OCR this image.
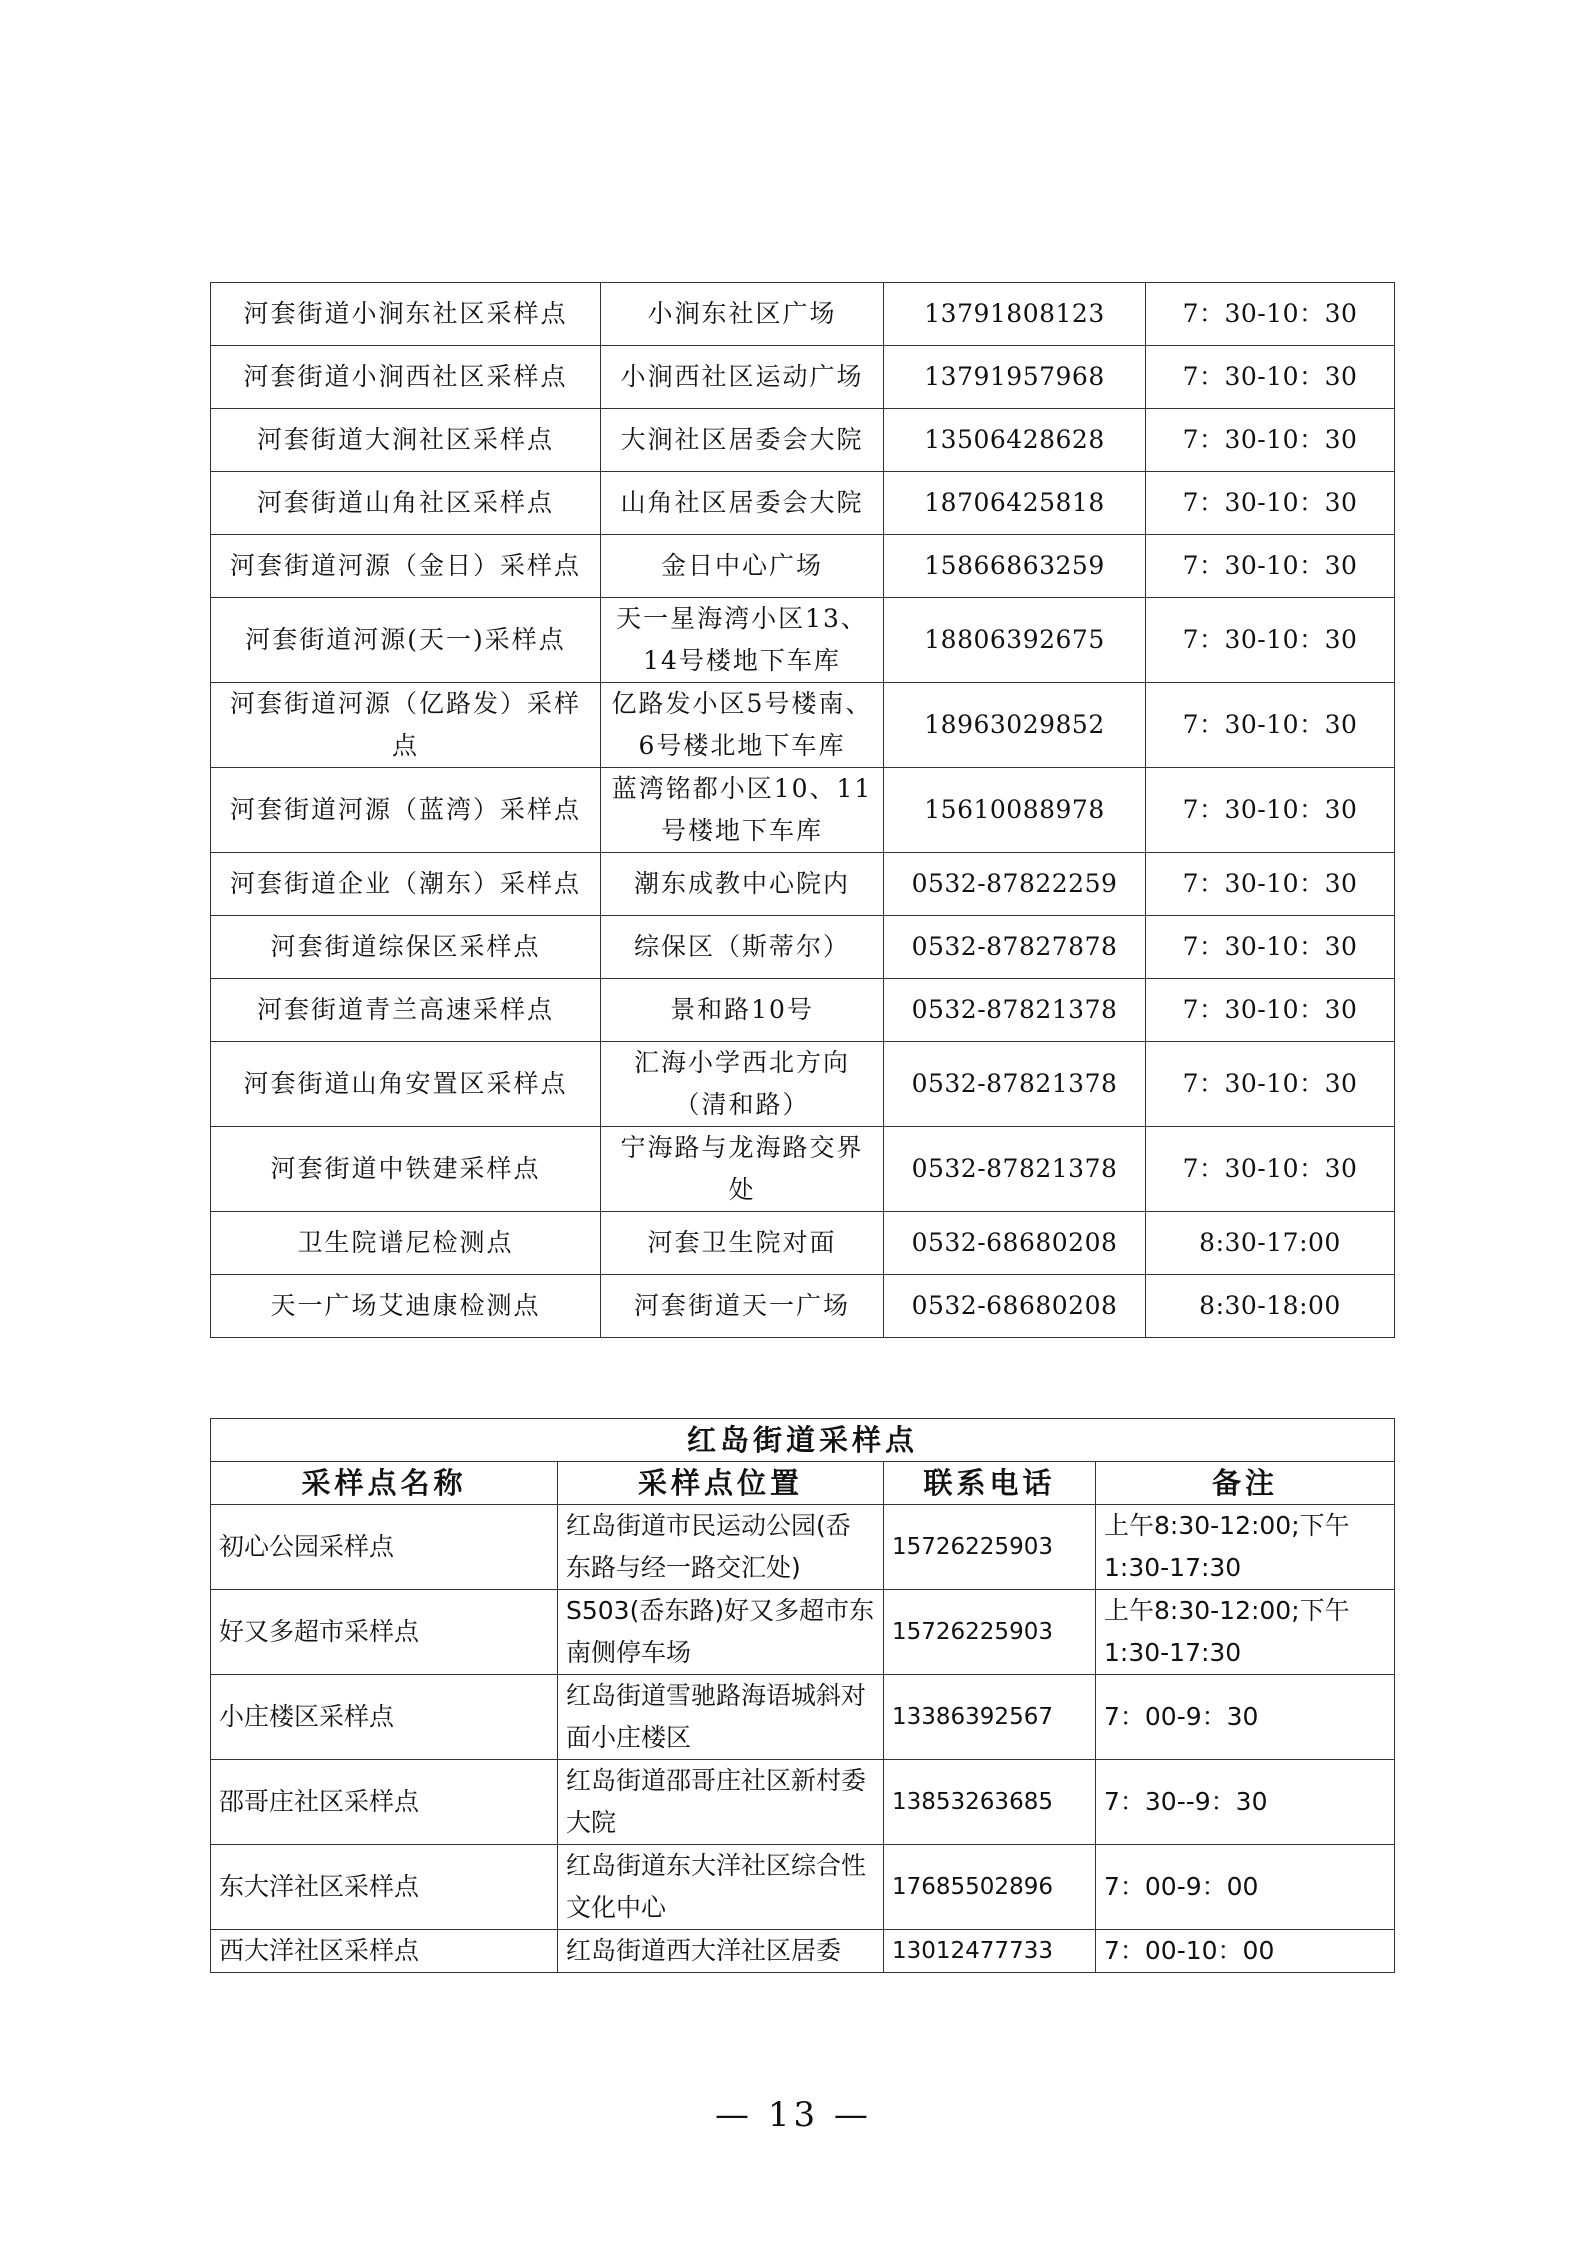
河套街道小涧东社区采样点	小涧东社区广场	13791808123	7：30-10：30
河套街道小涧西社区采样点	小涧西社区运动广场	13791957968	7：30-10：30
河套街道大涧社区采样点	大涧社区居委会大院	13506428628	7：30-10：30
河套街道山角社区采样点	山角社区居委会大院	18706425818	7：30-10：30
河套街道河源（金日）采样点	金日中心广场	15866863259	7：30-10：30
河套街道河源(天一)采样点	天一星海湾小区13、14号楼地下车库	18806392675	7：30-10：30
河套街道河源（亿路发）采样点	亿路发小区5号楼南、6号楼北地下车库	18963029852	7：30-10：30
河套街道河源（蓝湾）采样点	蓝湾铭都小区10、11号楼地下车库	15610088978	7：30-10：30
河套街道企业（潮东）采样点	潮东成教中心院内	0532-87822259	7：30-10：30
河套街道综保区采样点	综保区（斯蒂尔）	0532-87827878	7：30-10：30
河套街道青兰高速采样点	景和路10号	0532-87821378	7：30-10：30
河套街道山角安置区采样点	汇海小学西北方向（清和路）	0532-87821378	7：30-10：30
河套街道中铁建采样点	宁海路与龙海路交界处	0532-87821378	7：30-10：30
卫生院谱尼检测点	河套卫生院对面	0532-68680208	8:30-17:00
天一广场艾迪康检测点	河套街道天一广场	0532-68680208	8:30-18:00
红岛街道采样点			
采样点名称	采样点位置	联系电话	备注
初心公园采样点	红岛街道市民运动公园(岙东路与经一路交汇处)	15726225903	上午8:30-12:00;下午1:30-17:30
好又多超市采样点	S503(岙东路)好又多超市东南侧停车场	15726225903	上午8:30-12:00;下午1:30-17:30
小庄楼区采样点	红岛街道雪驰路海语城斜对面小庄楼区	13386392567	7：00-9：30
邵哥庄社区采样点	红岛街道邵哥庄社区新村委大院	13853263685	7：30--9：30
东大洋社区采样点	红岛街道东大洋社区综合性文化中心	17685502896	7：00-9：00
西大洋社区采样点	红岛街道西大洋社区居委	13012477733	7：00-10：00
— 13 —
